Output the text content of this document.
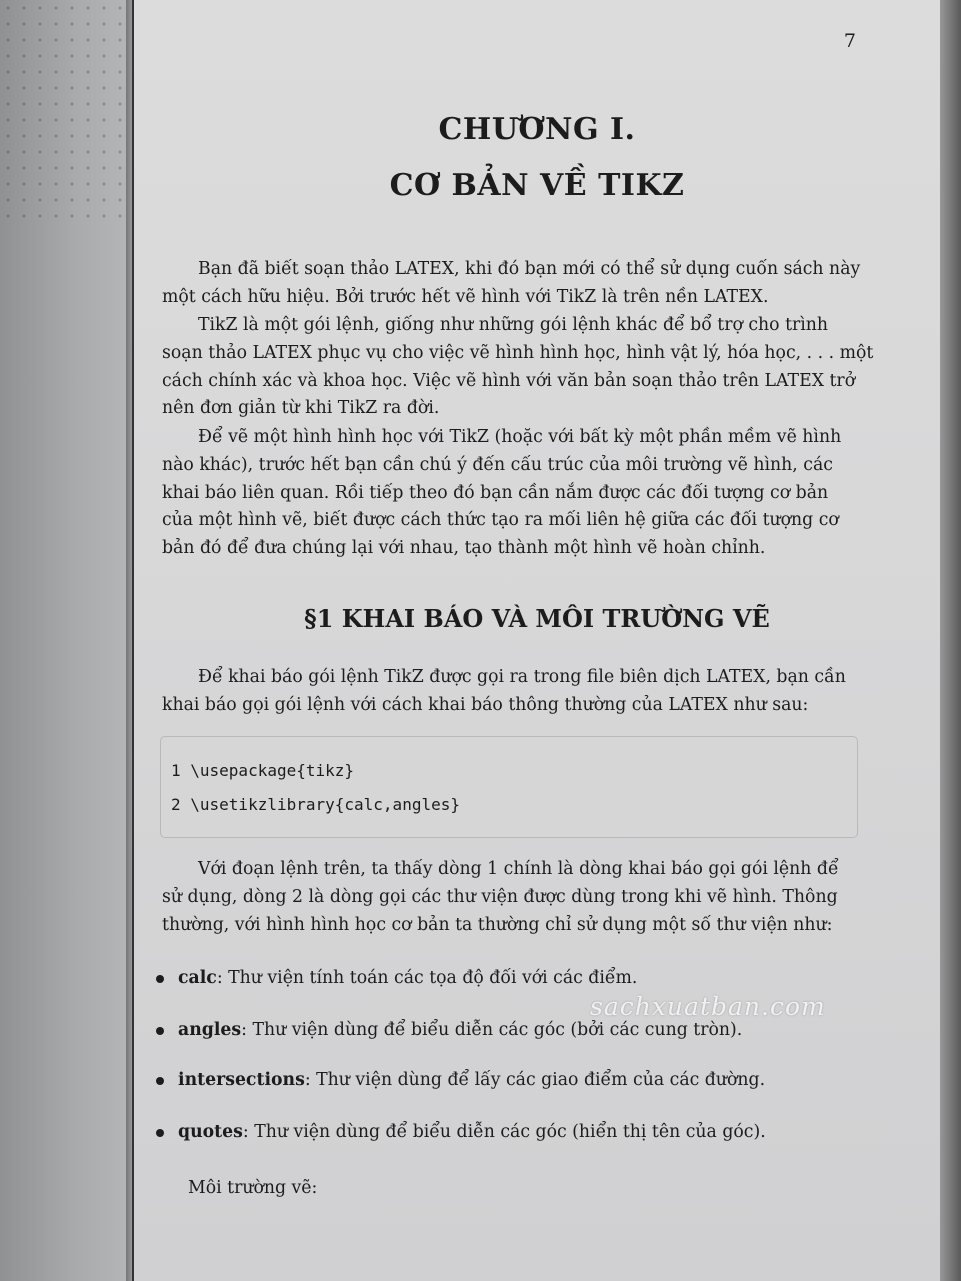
7
CHƯƠNG I.
CƠ BẢN VỀ TIKZ
Bạn đã biết soạn thảo LATEX, khi đó bạn mới có thể sử dụng cuốn sách này
một cách hữu hiệu. Bởi trước hết vẽ hình với TikZ là trên nền LATEX.
TikZ là một gói lệnh, giống như những gói lệnh khác để bổ trợ cho trình
soạn thảo LATEX phục vụ cho việc vẽ hình hình học, hình vật lý, hóa học, . . . một
cách chính xác và khoa học. Việc vẽ hình với văn bản soạn thảo trên LATEX trở
nên đơn giản từ khi TikZ ra đời.
Để vẽ một hình hình học với TikZ (hoặc với bất kỳ một phần mềm vẽ hình
nào khác), trước hết bạn cần chú ý đến cấu trúc của môi trường vẽ hình, các
khai báo liên quan. Rồi tiếp theo đó bạn cần nắm được các đối tượng cơ bản
của một hình vẽ, biết được cách thức tạo ra mối liên hệ giữa các đối tượng cơ
bản đó để đưa chúng lại với nhau, tạo thành một hình vẽ hoàn chỉnh.
§1 KHAI BÁO VÀ MÔI TRƯỜNG VẼ
Để khai báo gói lệnh TikZ được gọi ra trong file biên dịch LATEX, bạn cần
khai báo gọi gói lệnh với cách khai báo thông thường của LATEX như sau:
1 \usepackage{tikz}
2 \usetikzlibrary{calc,angles}
Với đoạn lệnh trên, ta thấy dòng 1 chính là dòng khai báo gọi gói lệnh để
sử dụng, dòng 2 là dòng gọi các thư viện được dùng trong khi vẽ hình. Thông
thường, với hình hình học cơ bản ta thường chỉ sử dụng một số thư viện như:
calc: Thư viện tính toán các tọa độ đối với các điểm.
angles: Thư viện dùng để biểu diễn các góc (bởi các cung tròn).
intersections: Thư viện dùng để lấy các giao điểm của các đường.
quotes: Thư viện dùng để biểu diễn các góc (hiển thị tên của góc).
Môi trường vẽ:
sachxuatban.com
